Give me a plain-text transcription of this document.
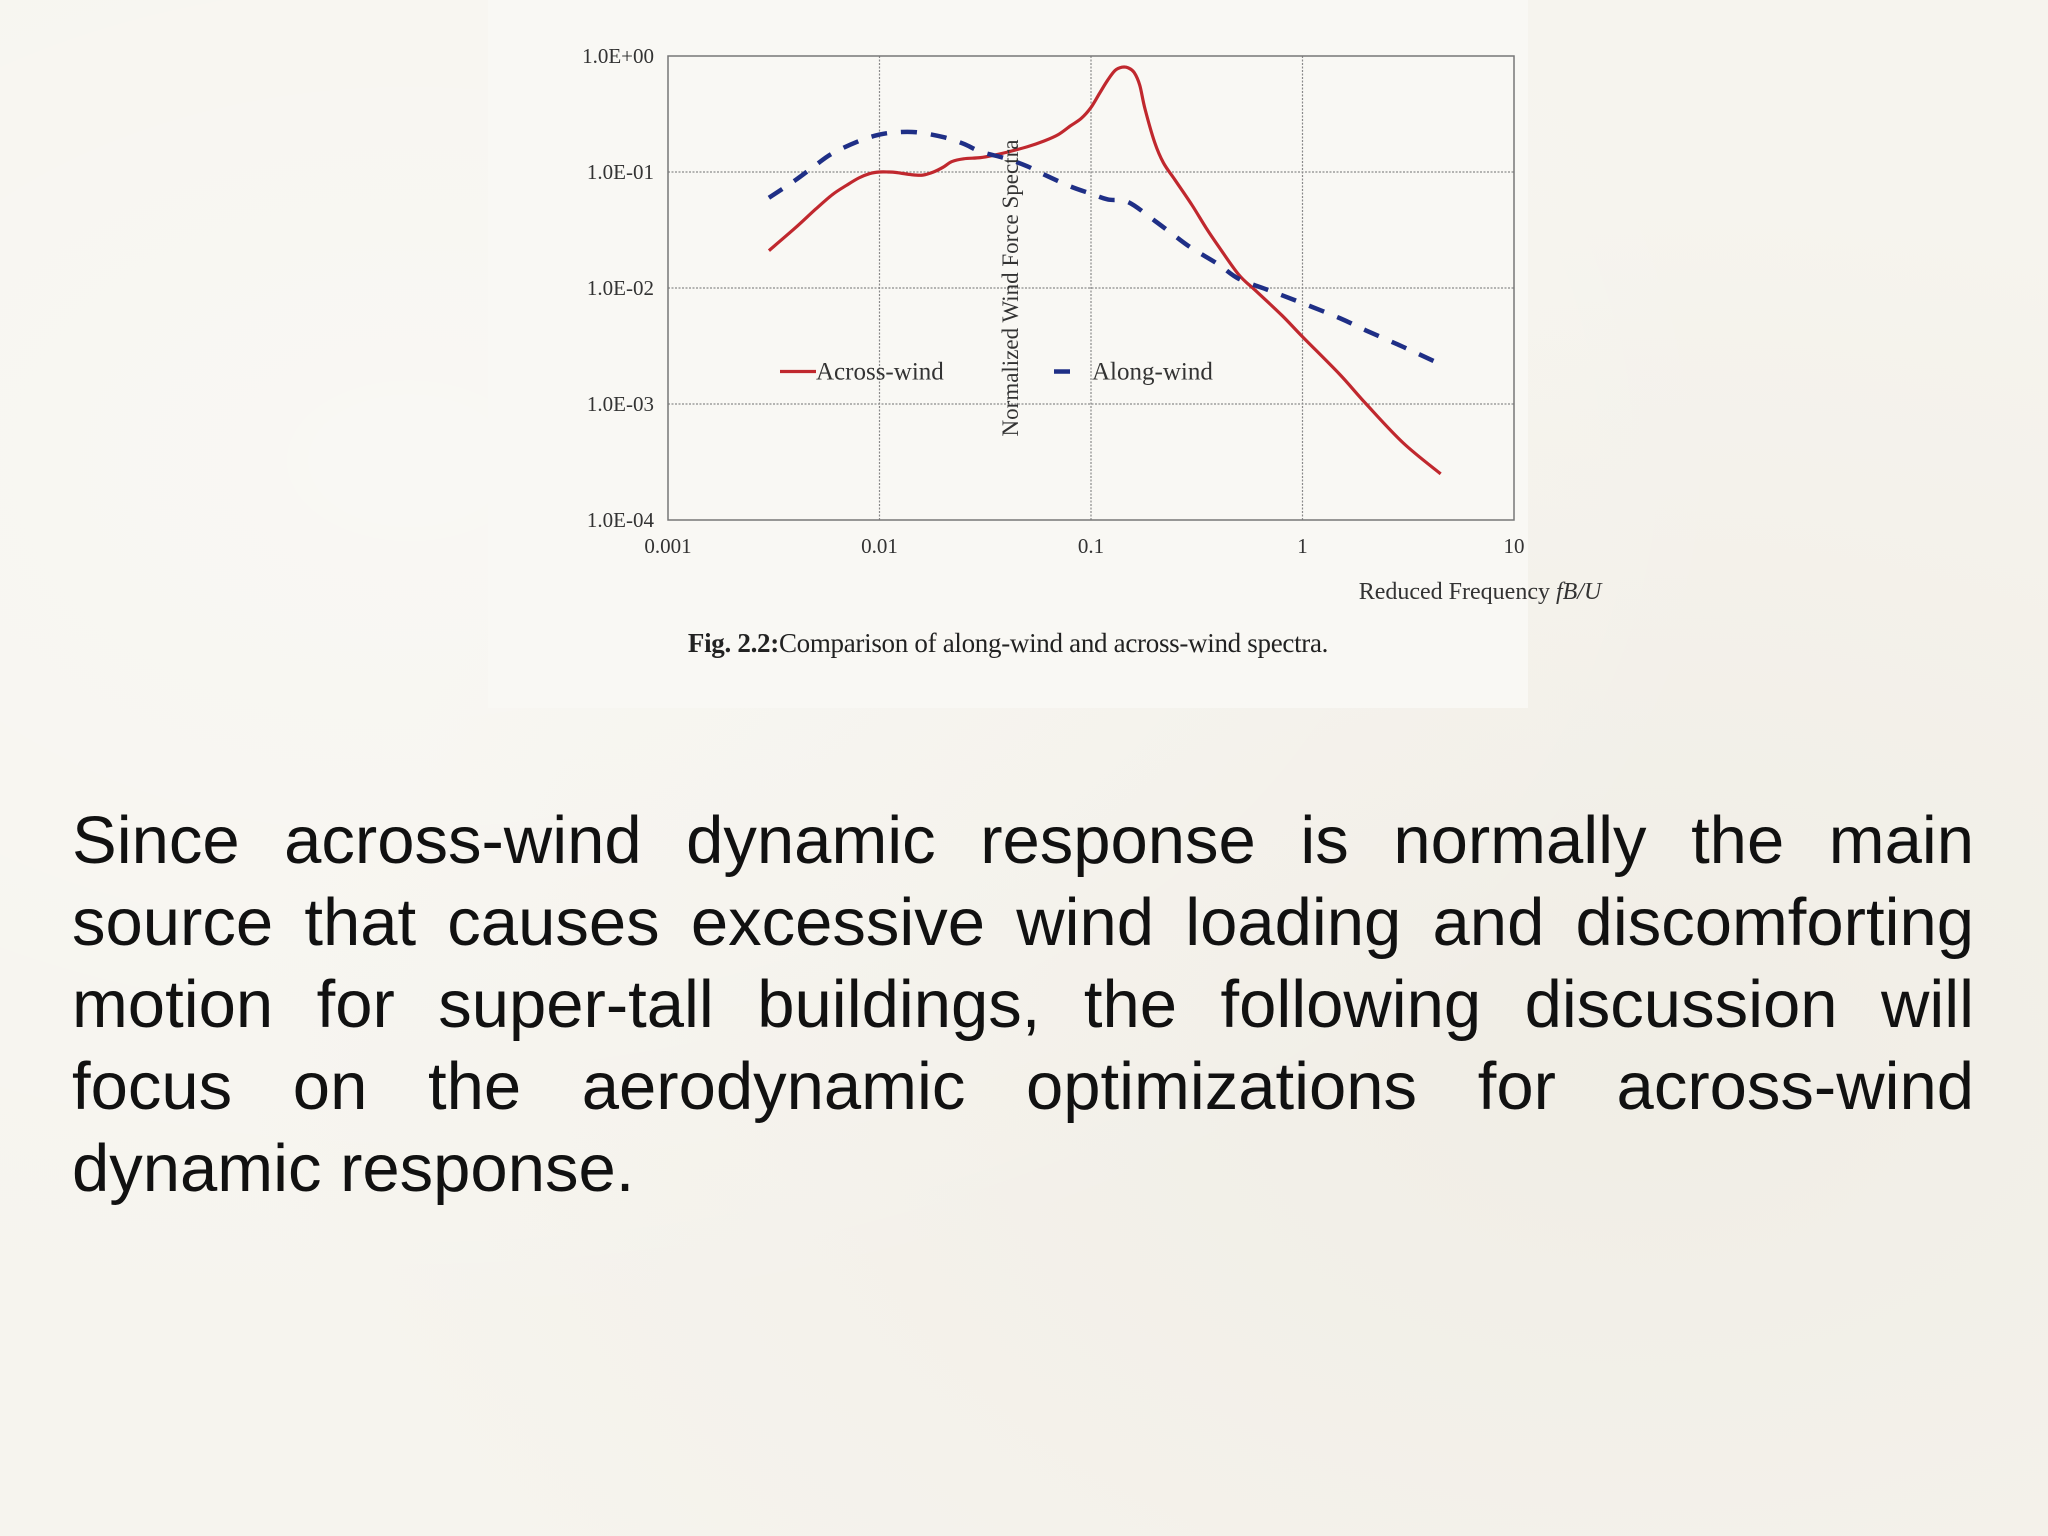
0.001	0.01	0.1	1	10
1.0E+00
1.0E-01
1.0E-02
1.0E-03
1.0E-04
Normalized Wind Force Spectra
Reduced Frequency fB/U
Across-wind	Along-wind
Fig. 2.2:Comparison of along-wind and across-wind spectra.

Since across-wind dynamic response is normally the main source that causes excessive wind loading and discomforting motion for super-tall buildings, the following discussion will focus on the aerodynamic optimizations for across-wind dynamic response.
